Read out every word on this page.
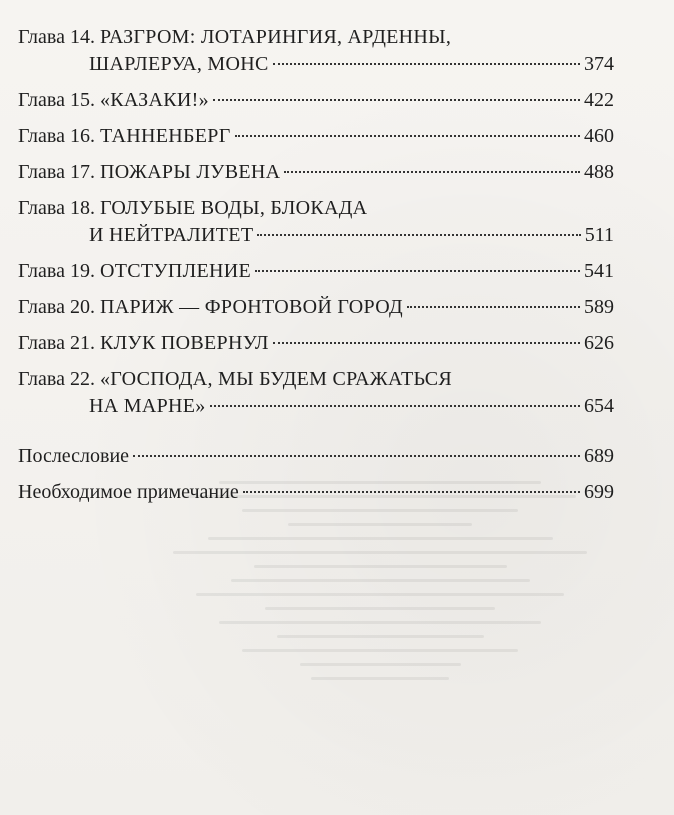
Глава 14. РАЗГРОМ: ЛОТАРИНГИЯ, АРДЕННЫ,
ШАРЛЕРУА, МОНС	374
Глава 15. «КАЗАКИ!»	422
Глава 16. ТАННЕНБЕРГ	460
Глава 17. ПОЖАРЫ ЛУВЕНА	488
Глава 18. ГОЛУБЫЕ ВОДЫ, БЛОКАДА
И НЕЙТРАЛИТЕТ	511
Глава 19. ОТСТУПЛЕНИЕ	541
Глава 20. ПАРИЖ — ФРОНТОВОЙ ГОРОД	589
Глава 21. КЛУК ПОВЕРНУЛ	626
Глава 22. «ГОСПОДА, МЫ БУДЕМ СРАЖАТЬСЯ
НА МАРНЕ»	654
Послесловие	689
Необходимое примечание	699
